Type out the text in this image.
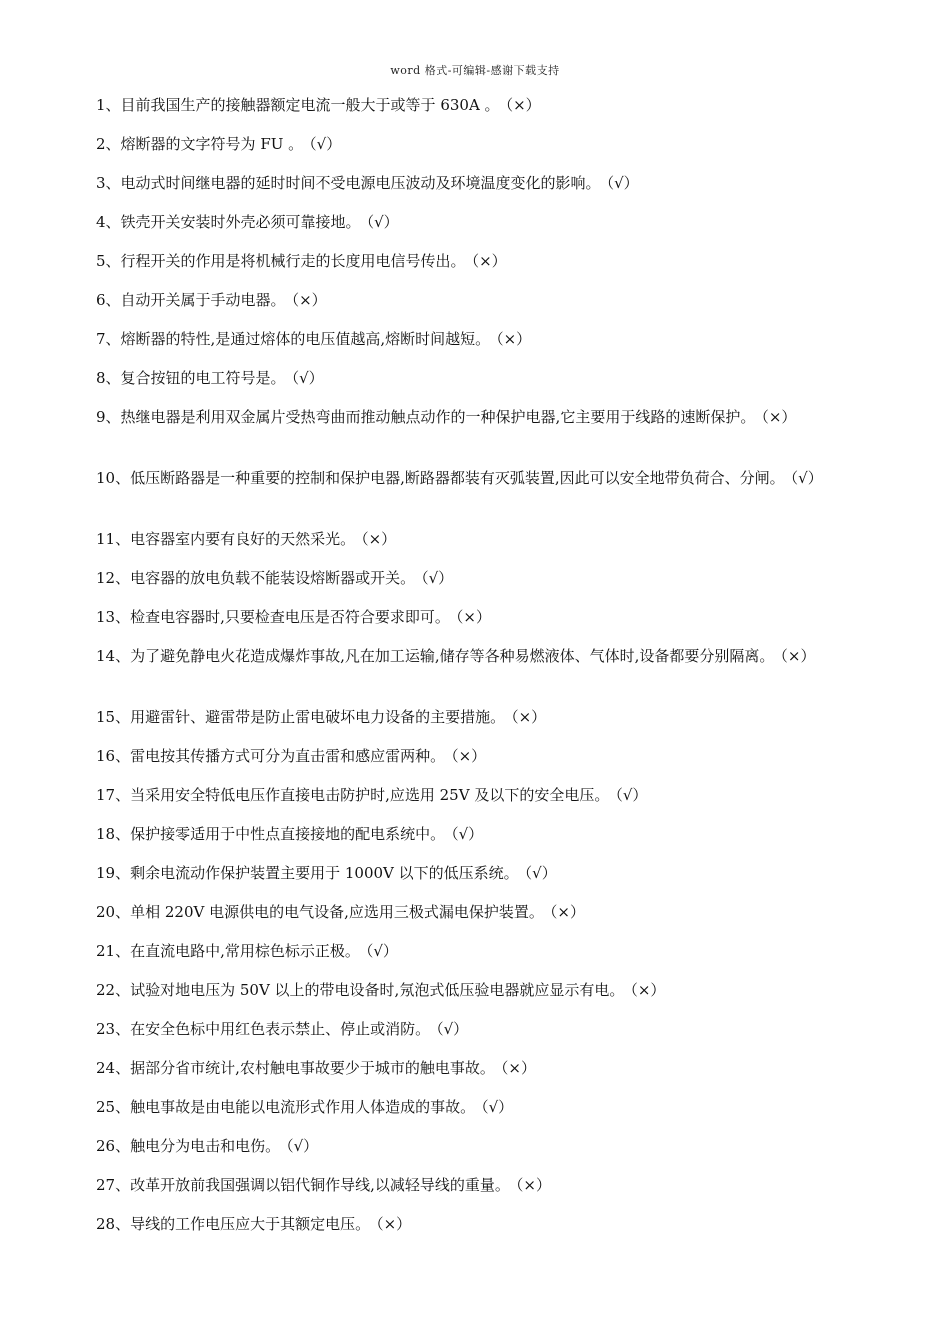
word 格式-可编辑-感谢下载支持
1、 目前我国生产的接触器额定电流一般大于或等于 630A 。 （×）
2、 熔断器的文字符号为 FU 。 （√）
3、 电动式时间继电器的延时时间不受电源电压波动及环境温度变化的影响。 （√）
4、 铁壳开关安装时外壳必须可靠接地。 （√）
5、 行程开关的作用是将机械行走的长度用电信号传出。 （×）
6、 自动开关属于手动电器。 （×）
7、 熔断器的特性,是通过熔体的电压值越高,熔断时间越短。 （×）
8、 复合按钮的电工符号是。 （√）
9、 热继电器是利用双金属片受热弯曲而推动触点动作的一种保护电器,它主要用于线路的速断保护。 （×）
10、 低压断路器是一种重要的控制和保护电器,断路器都装有灭弧装置,因此可以安全地带负荷合、分闸。 （√）
11、 电容器室内要有良好的天然采光。 （×）
12、 电容器的放电负载不能装设熔断器或开关。 （√）
13、 检查电容器时,只要检查电压是否符合要求即可。 （×）
14、 为了避免静电火花造成爆炸事故,凡在加工运输,储存等各种易燃液体、气体时,设备都要分别隔离。 （×）
15、 用避雷针、避雷带是防止雷电破坏电力设备的主要措施。 （×）
16、 雷电按其传播方式可分为直击雷和感应雷两种。 （×）
17、 当采用安全特低电压作直接电击防护时,应选用 25V 及以下的安全电压。 （√）
18、 保护接零适用于中性点直接接地的配电系统中。 （√）
19、 剩余电流动作保护装置主要用于 1000V 以下的低压系统。 （√）
20、 单相 220V 电源供电的电气设备,应选用三极式漏电保护装置。 （×）
21、 在直流电路中,常用棕色标示正极。 （√）
22、 试验对地电压为 50V 以上的带电设备时,氖泡式低压验电器就应显示有电。 （×）
23、 在安全色标中用红色表示禁止、停止或消防。 （√）
24、 据部分省市统计,农村触电事故要少于城市的触电事故。 （×）
25、 触电事故是由电能以电流形式作用人体造成的事故。 （√）
26、 触电分为电击和电伤。 （√）
27、 改革开放前我国强调以铝代铜作导线,以减轻导线的重量。 （×）
28、 导线的工作电压应大于其额定电压。 （×）
